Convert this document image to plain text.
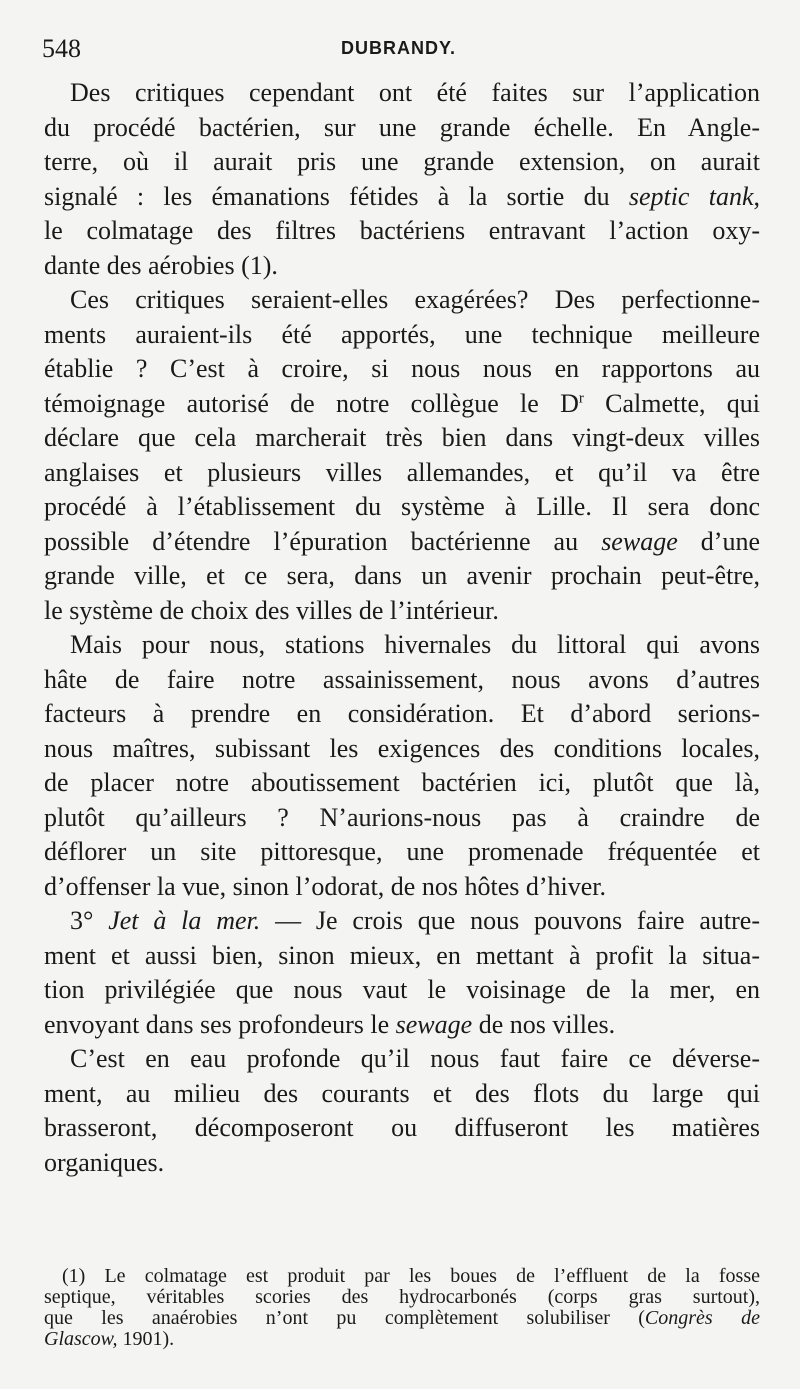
548	DUBRANDY.
Des critiques cependant ont été faites sur l’application
du procédé bactérien, sur une grande échelle. En Angle-
terre, où il aurait pris une grande extension, on aurait
signalé : les émanations fétides à la sortie du septic tank,
le colmatage des filtres bactériens entravant l’action oxy-
dante des aérobies (1).
Ces critiques seraient-elles exagérées? Des perfectionne-
ments auraient-ils été apportés, une technique meilleure
établie ? C’est à croire, si nous nous en rapportons au
témoignage autorisé de notre collègue le $D^r$ Calmette, qui
déclare que cela marcherait très bien dans vingt-deux villes
anglaises et plusieurs villes allemandes, et qu’il va être
procédé à l’établissement du système à Lille. Il sera donc
possible d’étendre l’épuration bactérienne au sewage d’une
grande ville, et ce sera, dans un avenir prochain peut-être,
le système de choix des villes de l’intérieur.
Mais pour nous, stations hivernales du littoral qui avons
hâte de faire notre assainissement, nous avons d’autres
facteurs à prendre en considération. Et d’abord serions-
nous maîtres, subissant les exigences des conditions locales,
de placer notre aboutissement bactérien ici, plutôt que là,
plutôt qu’ailleurs ? N’aurions-nous pas à craindre de
déflorer un site pittoresque, une promenade fréquentée et
d’offenser la vue, sinon l’odorat, de nos hôtes d’hiver.
3° Jet à la mer. — Je crois que nous pouvons faire autre-
ment et aussi bien, sinon mieux, en mettant à profit la situa-
tion privilégiée que nous vaut le voisinage de la mer, en
envoyant dans ses profondeurs le sewage de nos villes.
C’est en eau profonde qu’il nous faut faire ce déverse-
ment, au milieu des courants et des flots du large qui
brasseront, décomposeront ou diffuseront les matières
organiques.
(1) Le colmatage est produit par les boues de l’effluent de la fosse
septique, véritables scories des hydrocarbonés (corps gras surtout),
que les anaérobies n’ont pu complètement solubiliser (Congrès de
Glascow, 1901).
